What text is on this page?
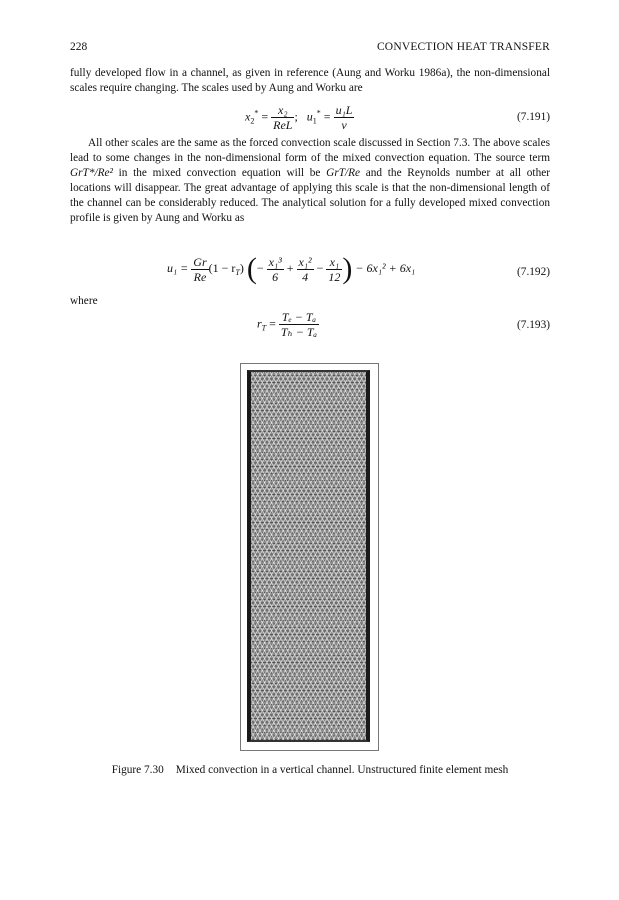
228	CONVECTION HEAT TRANSFER

fully developed flow in a channel, as given in reference (Aung and Worku 1986a), the non-dimensional scales require changing. The scales used by Aung and Worku are

$x_2^* = \frac{\text{x₂}}{\text{ReL}}$ ; $u_1^* = \frac{\text{u₁L}}{\nu}$	(7.191)

All other scales are the same as the forced convection scale discussed in Section 7.3. The above scales lead to some changes in the non-dimensional form of the mixed convection equation. The source term GrT*/Re² in the mixed convection equation will be GrT/Re and the Reynolds number at all other locations will disappear. The great advantage of applying this scale is that the non-dimensional length of the channel can be considerably reduced. The analytical solution for a fully developed mixed convection profile is given by Aung and Worku as

$u_1 = \frac{Gr}{Re} (1 - r_T)$ (− $\frac{\text{x₁³}}{6} + \frac{\text{x₁²}}{4} - \frac{\text{x₁}}{12}$ ) − 6x₁² + 6x₁	(7.192)

where

$r_T = \frac{\text{Tₑ − Tₐ}}{\text{Tₕ − Tₐ}}$	(7.193)
Figure 7.30 Mixed convection in a vertical channel. Unstructured finite element mesh
